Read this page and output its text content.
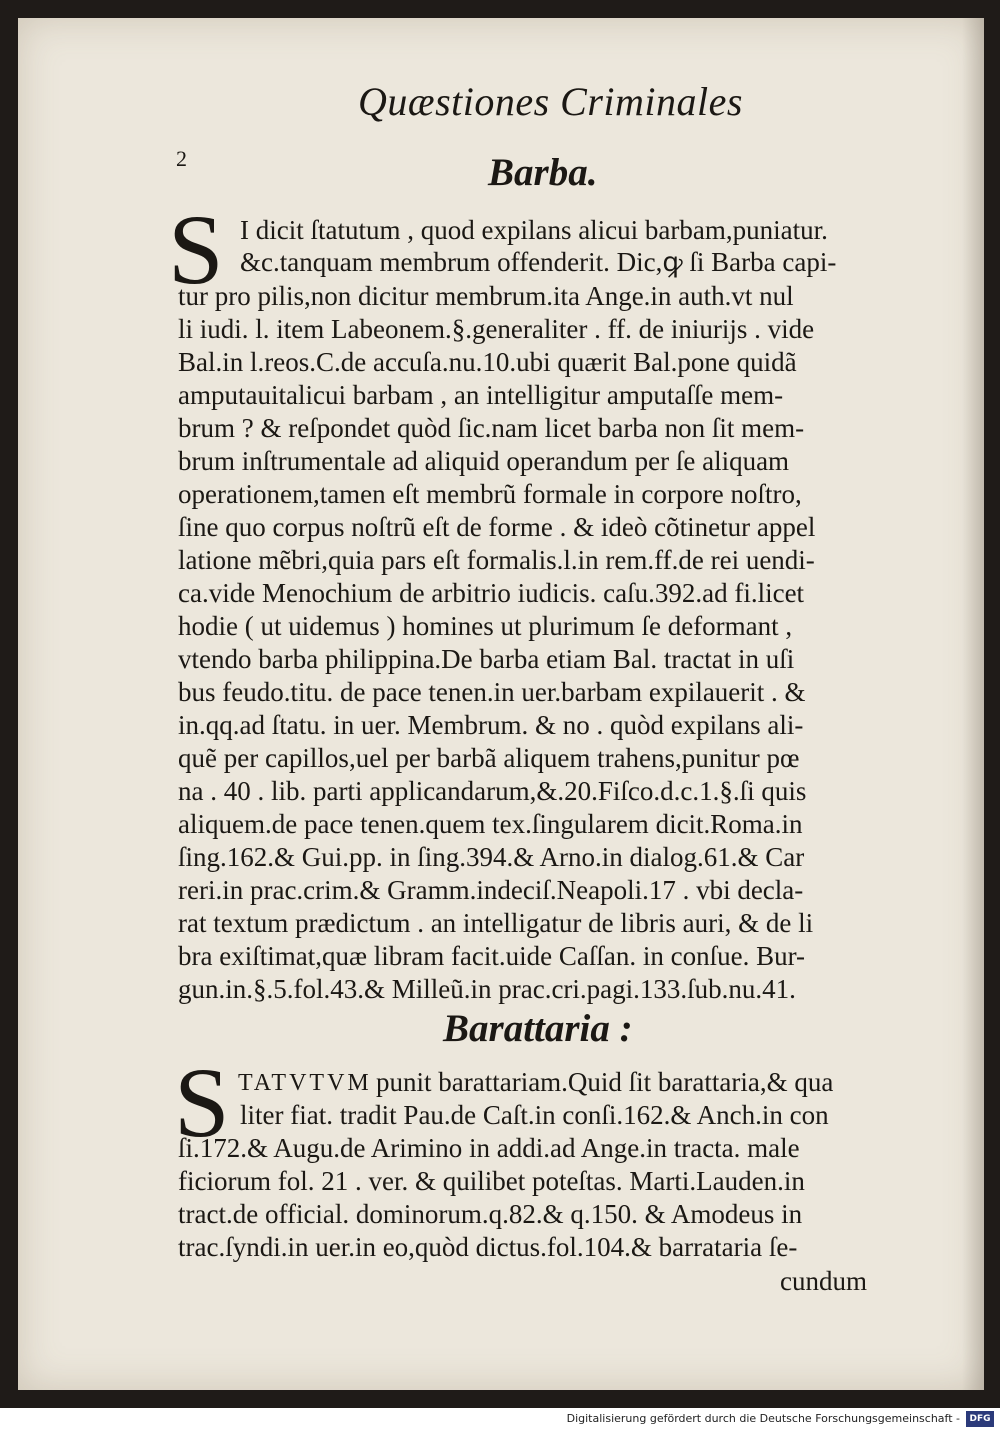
Quæstiones Criminales
2	Barba.
S I dicit ſtatutum , quod expilans alicui barbam,puniatur.
&c.tanquam membrum offenderit. Dic,ꝙ ſi Barba capi-
tur pro pilis,non dicitur membrum.ita Ange.in auth.vt nul
li iudi. l. item Labeonem.§.generaliter . ff. de iniurijs . vide
Bal.in l.reos.C.de accuſa.nu.10.ubi quærit Bal.pone quidã
amputauitalicui barbam , an intelligitur amputaſſe mem-
brum ? & reſpondet quòd ſic.nam licet barba non ſit mem-
brum inſtrumentale ad aliquid operandum per ſe aliquam
operationem,tamen eſt membrũ formale in corpore noſtro,
ſine quo corpus noſtrũ eſt de forme . & ideò cõtinetur appel
latione mẽbri,quia pars eſt formalis.l.in rem.ff.de rei uendi-
ca.vide Menochium de arbitrio iudicis. caſu.392.ad fi.licet
hodie ( ut uidemus ) homines ut plurimum ſe deformant ,
vtendo barba philippina.De barba etiam Bal. tractat in uſi
bus feudo.titu. de pace tenen.in uer.barbam expilauerit . &
in.qq.ad ſtatu. in uer. Membrum. & no . quòd expilans ali-
quẽ per capillos,uel per barbã aliquem trahens,punitur pœ
na . 40 . lib. parti applicandarum,&.20.Fiſco.d.c.1.§.ſi quis
aliquem.de pace tenen.quem tex.ſingularem dicit.Roma.in
ſing.162.& Gui.pp. in ſing.394.& Arno.in dialog.61.& Car
reri.in prac.crim.& Gramm.indeciſ.Neapoli.17 . vbi decla-
rat textum prædictum . an intelligatur de libris auri, & de li
bra exiſtimat,quæ libram facit.uide Caſſan. in conſue. Bur-
gun.in.§.5.fol.43.& Milleũ.in prac.cri.pagi.133.ſub.nu.41.
Barattaria :
S TATVTVM punit barattariam.Quid ſit barattaria,& qua
liter fiat. tradit Pau.de Caſt.in conſi.162.& Anch.in con
ſi.172.& Augu.de Arimino in addi.ad Ange.in tracta. male
ficiorum fol. 21 . ver. & quilibet poteſtas. Marti.Lauden.in
tract.de official. dominorum.q.82.& q.150. & Amodeus in
trac.ſyndi.in uer.in eo,quòd dictus.fol.104.& barrataria ſe-
cundum
Digitalisierung gefördert durch die Deutsche Forschungsgemeinschaft -	DFG
